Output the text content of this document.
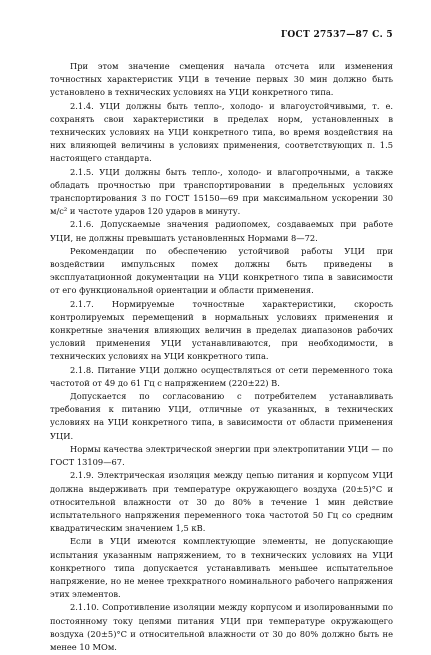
ГОСТ 27537—87 С. 5

При этом значение смещения начала отсчета или изменения точностных характеристик УЦИ в течение первых 30 мин должно быть установлено в технических условиях на УЦИ конкретного типа.

2.1.4. УЦИ должны быть тепло-, холодо- и влагоустойчивыми, т. е. сохранять свои характеристики в пределах норм, установленных в технических условиях на УЦИ конкретного типа, во время воздействия на них влияющей величины в условиях применения, соответствующих п. 1.5 настоящего стандарта.

2.1.5. УЦИ должны быть тепло-, холодо- и влагопрочными, а также обладать прочностью при транспортировании в предельных условиях транспортирования 3 по ГОСТ 15150—69 при максимальном ускорении 30 м/с² и частоте ударов 120 ударов в минуту.

2.1.6. Допускаемые значения радиопомех, создаваемых при работе УЦИ, не должны превышать установленных Нормами 8—72.

Рекомендации по обеспечению устойчивой работы УЦИ при воздействии импульсных помех должны быть приведены в эксплуатационной документации на УЦИ конкретного типа в зависимости от его функциональной ориентации и области применения.

2.1.7. Нормируемые точностные характеристики, скорость контролируемых перемещений в нормальных условиях применения и конкретные значения влияющих величин в пределах диапазонов рабочих условий применения УЦИ устанавливаются, при необходимости, в технических условиях на УЦИ конкретного типа.

2.1.8. Питание УЦИ должно осуществляться от сети переменного тока частотой от 49 до 61 Гц с напряжением (220±22) В.

Допускается по согласованию с потребителем устанавливать требования к питанию УЦИ, отличные от указанных, в технических условиях на УЦИ конкретного типа, в зависимости от области применения УЦИ.

Нормы качества электрической энергии при электропитании УЦИ — по ГОСТ 13109—67.

2.1.9. Электрическая изоляция между цепью питания и корпусом УЦИ должна выдерживать при температуре окружающего воздуха (20±5)°С и относительной влажности от 30 до 80% в течение 1 мин действие испытательного напряжения переменного тока частотой 50 Гц со средним квадратическим значением 1,5 кВ.

Если в УЦИ имеются комплектующие элементы, не допускающие испытания указанным напряжением, то в технических условиях на УЦИ конкретного типа допускается устанавливать меньшее испытательное напряжение, но не менее трехкратного номинального рабочего напряжения этих элементов.

2.1.10. Сопротивление изоляции между корпусом и изолированными по постоянному току цепями питания УЦИ при температуре окружающего воздуха (20±5)°С и относительной влажности от 30 до 80% должно быть не менее 10 МОм.
